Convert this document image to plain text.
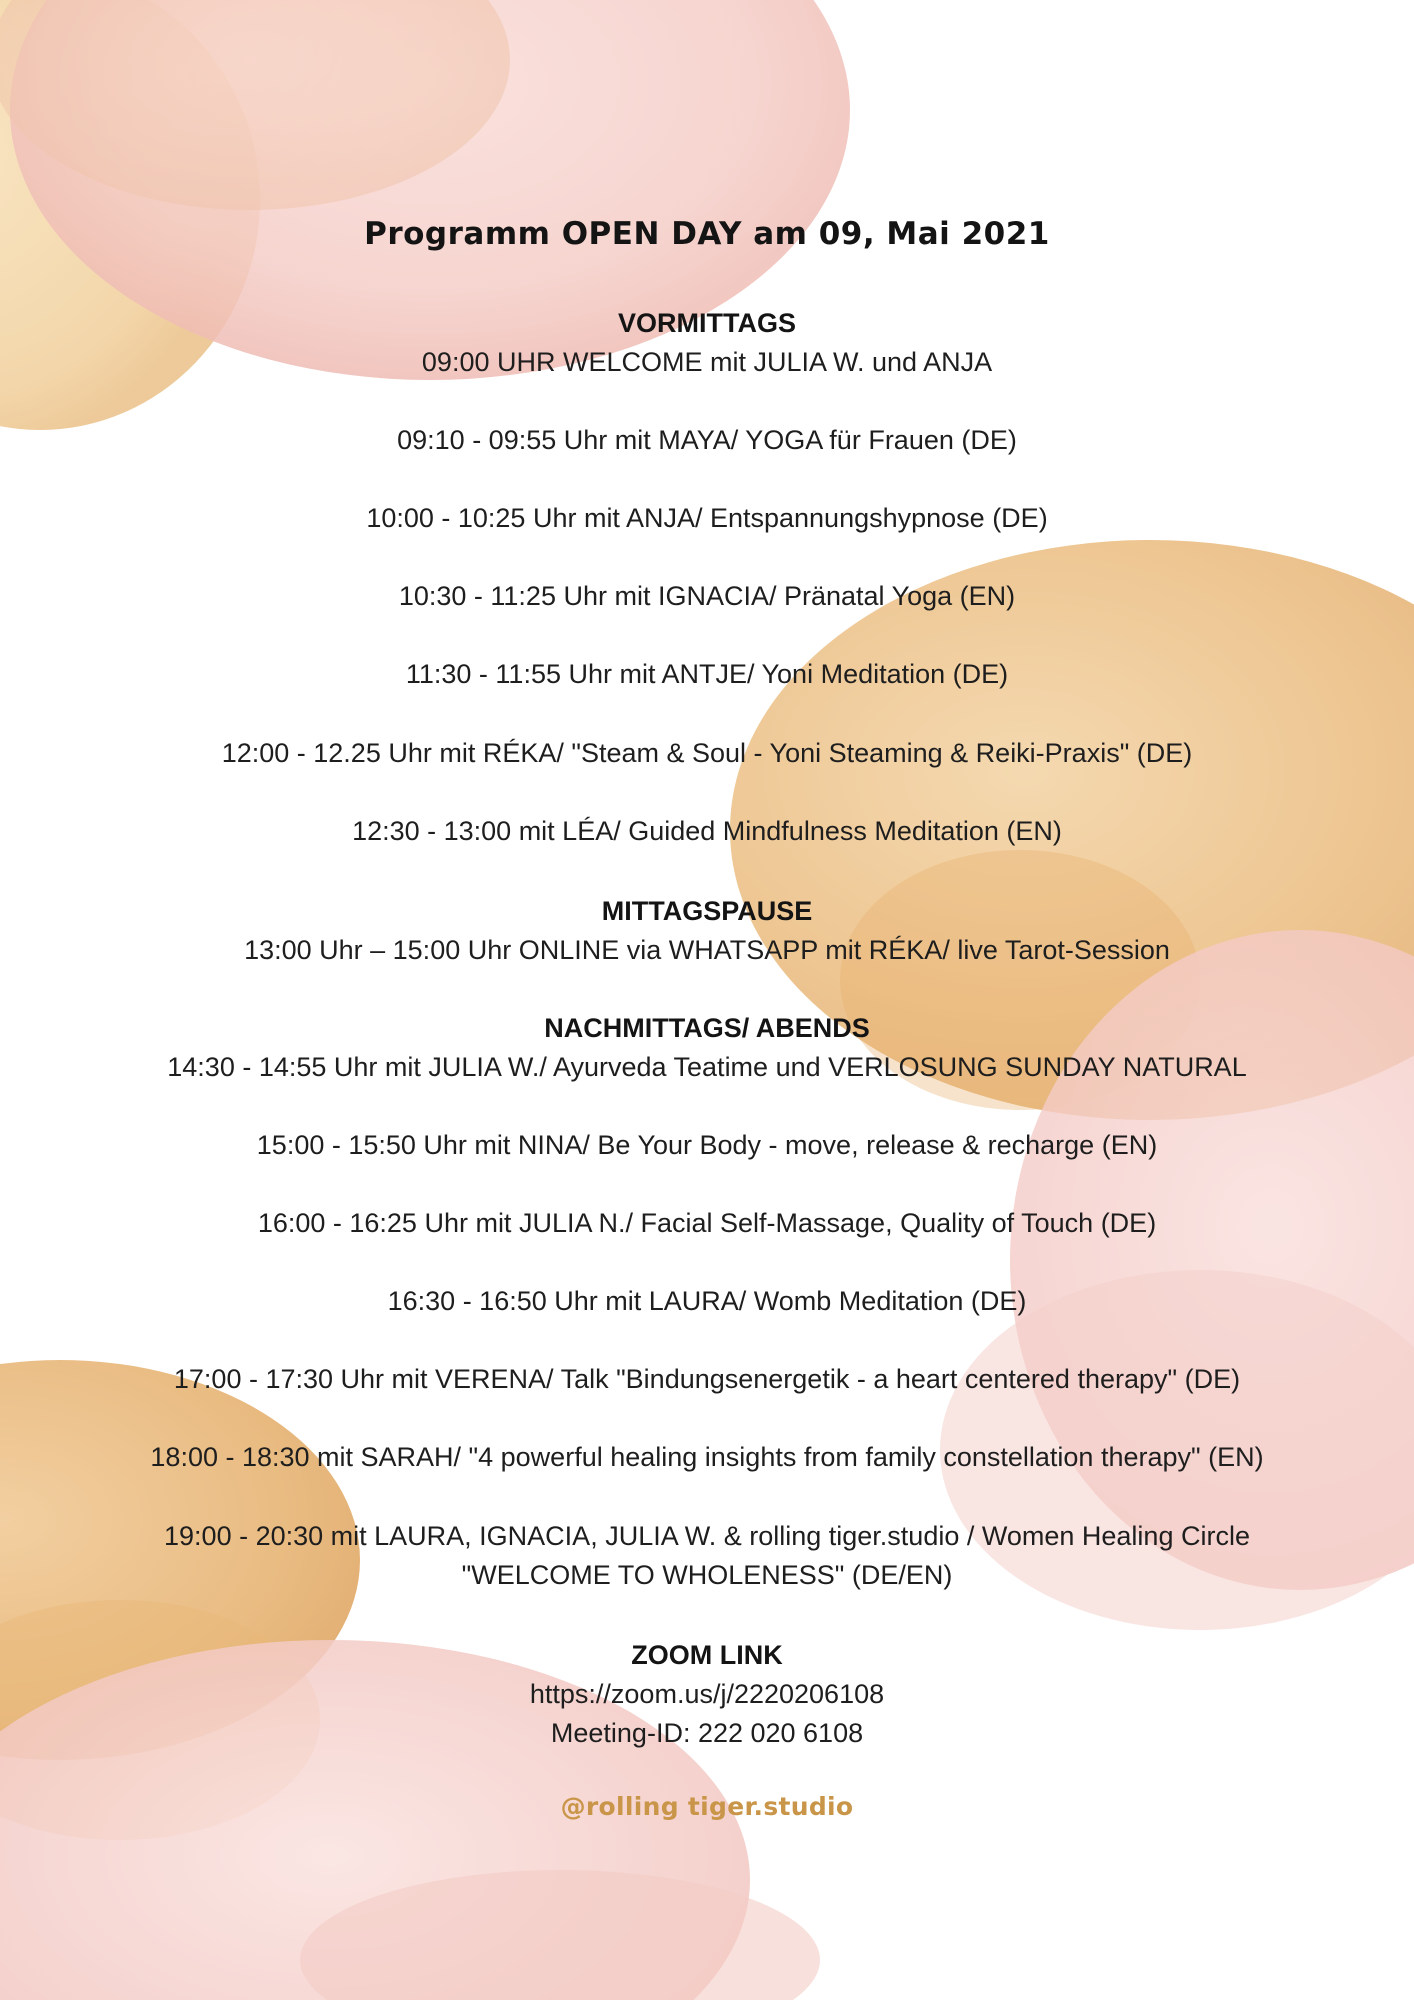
Programm OPEN DAY am 09, Mai 2021
VORMITTAGS
09:00 UHR WELCOME mit JULIA W. und ANJA
09:10 - 09:55 Uhr mit MAYA/ YOGA für Frauen (DE)
10:00 - 10:25 Uhr mit ANJA/ Entspannungshypnose (DE)
10:30 - 11:25 Uhr mit IGNACIA/ Pränatal Yoga (EN)
11:30 - 11:55 Uhr mit ANTJE/ Yoni Meditation (DE)
12:00 - 12.25 Uhr mit RÉKA/ "Steam & Soul - Yoni Steaming & Reiki-Praxis" (DE)
12:30 - 13:00 mit LÉA/ Guided Mindfulness Meditation (EN)
MITTAGSPAUSE
13:00 Uhr – 15:00 Uhr ONLINE via WHATSAPP mit RÉKA/ live Tarot-Session
NACHMITTAGS/ ABENDS
14:30 - 14:55 Uhr mit JULIA W./ Ayurveda Teatime und VERLOSUNG SUNDAY NATURAL
15:00 - 15:50 Uhr mit NINA/ Be Your Body - move, release & recharge (EN)
16:00 - 16:25 Uhr mit JULIA N./ Facial Self-Massage, Quality of Touch (DE)
16:30 - 16:50 Uhr mit LAURA/ Womb Meditation (DE)
17:00 - 17:30 Uhr mit VERENA/ Talk "Bindungsenergetik - a heart centered therapy" (DE)
18:00 - 18:30 mit SARAH/ "4 powerful healing insights from family constellation therapy" (EN)
19:00 - 20:30 mit LAURA, IGNACIA, JULIA W. & rolling tiger.studio / Women Healing Circle
"WELCOME TO WHOLENESS" (DE/EN)
ZOOM LINK
https://zoom.us/j/2220206108
Meeting-ID: 222 020 6108
@rolling tiger.studio
